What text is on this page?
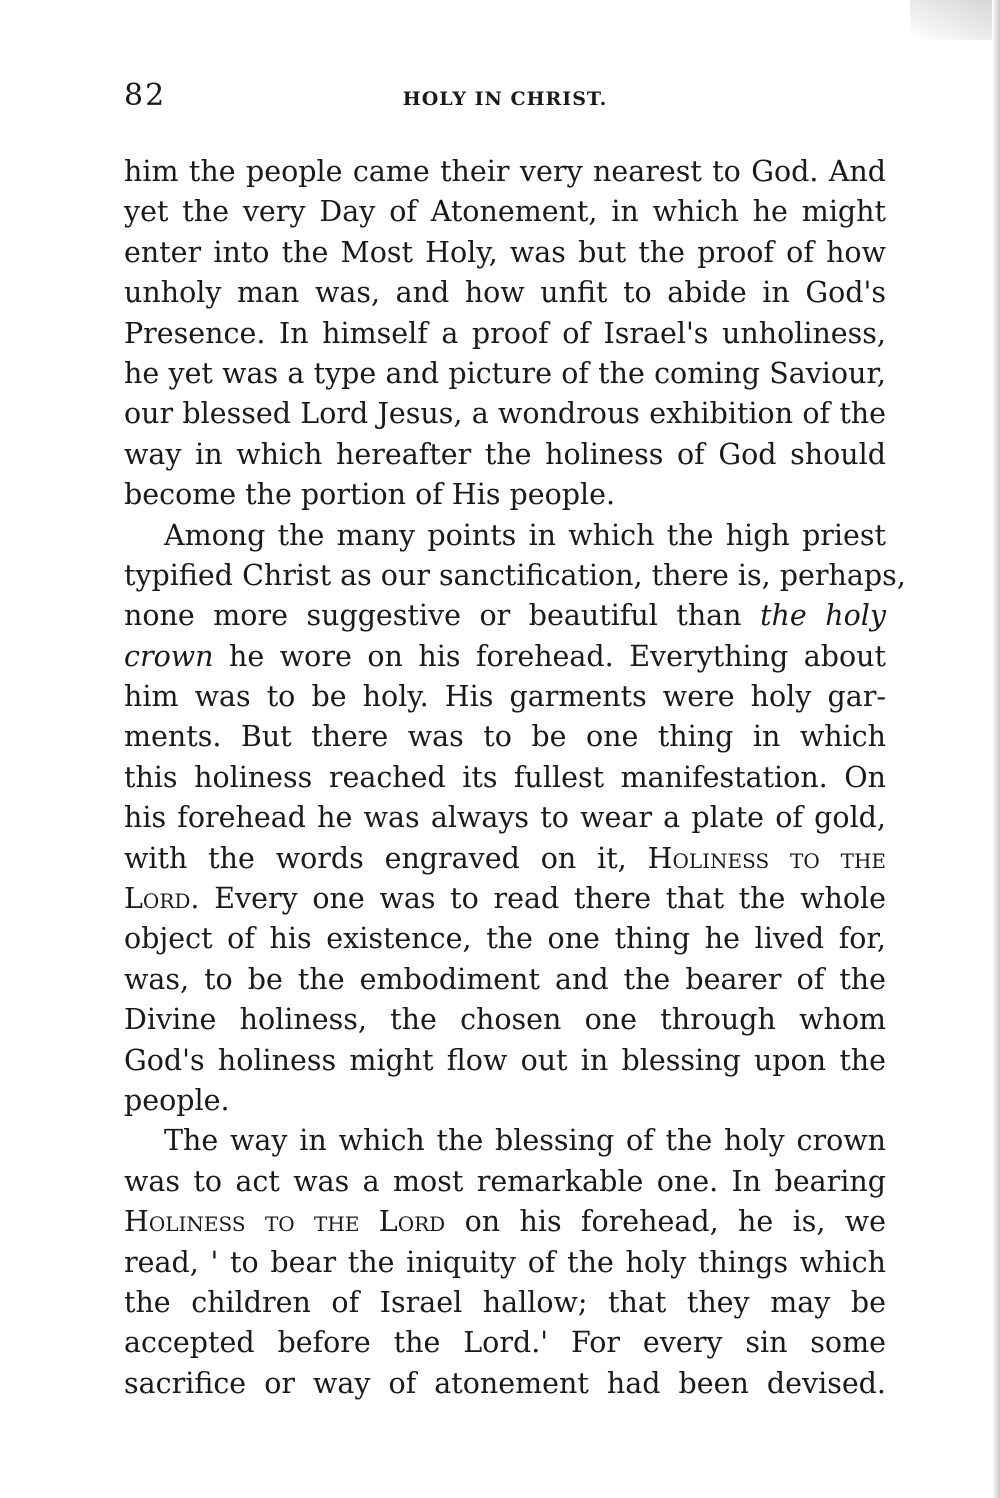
82	HOLY IN CHRIST.
him the people came their very nearest to God. And
yet the very Day of Atonement, in which he might
enter into the Most Holy, was but the proof of how
unholy man was, and how unfit to abide in God's
Presence. In himself a proof of Israel's unholiness,
he yet was a type and picture of the coming Saviour,
our blessed Lord Jesus, a wondrous exhibition of the
way in which hereafter the holiness of God should
become the portion of His people.
Among the many points in which the high priest
typified Christ as our sanctification, there is, perhaps,
none more suggestive or beautiful than the holy
crown he wore on his forehead. Everything about
him was to be holy. His garments were holy gar-
ments. But there was to be one thing in which
this holiness reached its fullest manifestation. On
his forehead he was always to wear a plate of gold,
with the words engraved on it, Holiness to the
Lord. Every one was to read there that the whole
object of his existence, the one thing he lived for,
was, to be the embodiment and the bearer of the
Divine holiness, the chosen one through whom
God's holiness might flow out in blessing upon the
people.
The way in which the blessing of the holy crown
was to act was a most remarkable one. In bearing
Holiness to the Lord on his forehead, he is, we
read, ' to bear the iniquity of the holy things which
the children of Israel hallow; that they may be
accepted before the Lord.' For every sin some
sacrifice or way of atonement had been devised.
